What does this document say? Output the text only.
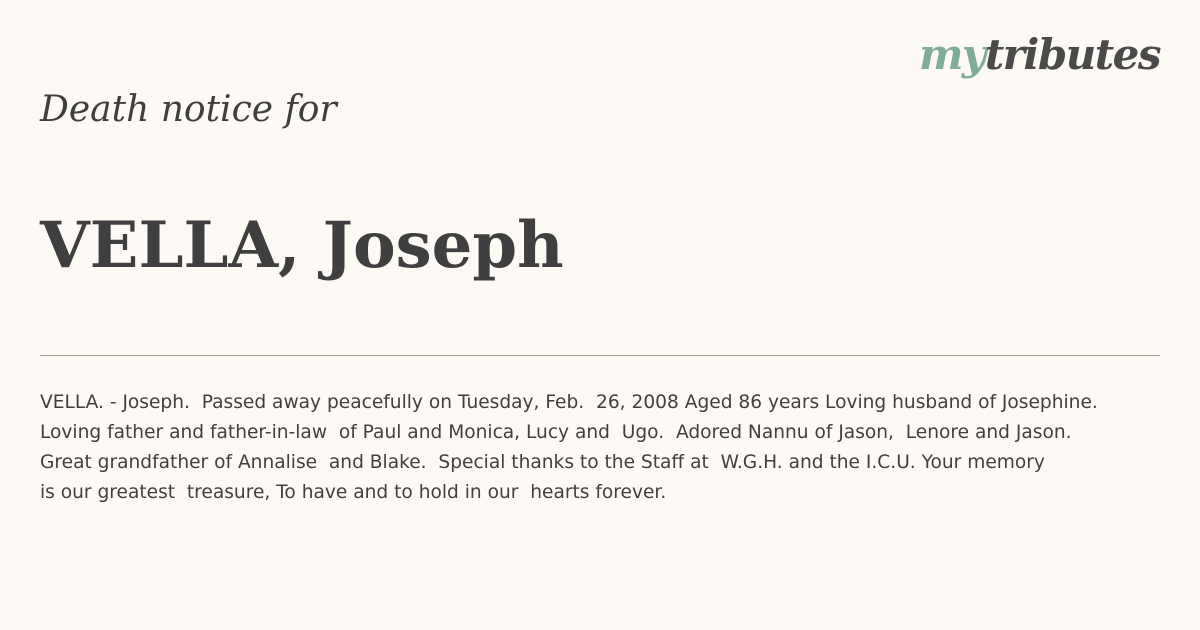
mytributes
Death notice for
VELLA, Joseph

VELLA. - Joseph.  Passed away peacefully on Tuesday, Feb.  26, 2008 Aged 86 years Loving husband of Josephine.
Loving father and father-in-law  of Paul and Monica, Lucy and  Ugo.  Adored Nannu of Jason,  Lenore and Jason.
Great grandfather of Annalise  and Blake.  Special thanks to the Staff at  W.G.H. and the I.C.U. Your memory
is our greatest  treasure, To have and to hold in our  hearts forever.
